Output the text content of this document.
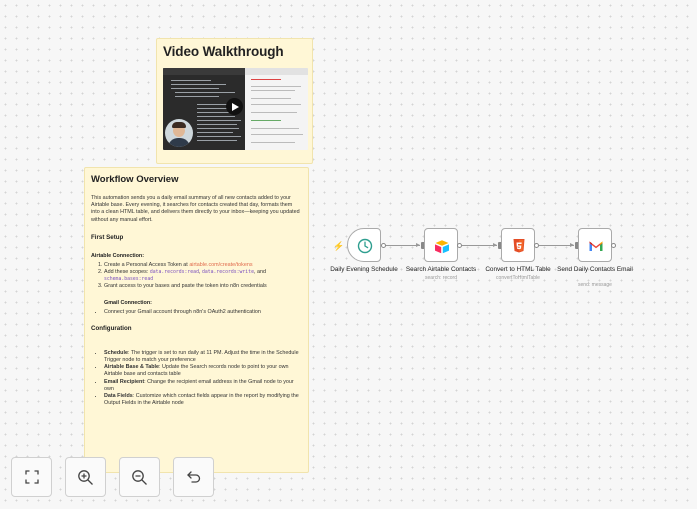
Video Walkthrough
Workflow Overview

This automation sends you a daily email summary of all new contacts added to your Airtable base. Every evening, it searches for contacts created that day, formats them into a clean HTML table, and delivers them directly to your inbox—keeping you updated without any manual effort.

First Setup
Airtable Connection:
1. Create a Personal Access Token at airtable.com/create/tokens
2. Add these scopes: data.records:read, data.records:write, and schema.bases:read
3. Grant access to your bases and paste the token into n8n credentials
Gmail Connection:
• Connect your Gmail account through n8n's OAuth2 authentication
Configuration
• Schedule: The trigger is set to run daily at 11 PM. Adjust the time in the Schedule Trigger node to match your preference
• Airtable Base & Table: Update the Search records node to point to your own Airtable base and contacts table
• Email Recipient: Change the recipient email address in the Gmail node to your own
• Data Fields: Customize which contact fields appear in the report by modifying the Output Fields in the Airtable node
⚡
Daily Evening Schedule	Search Airtable Contacts
search: record
Convert to HTML Table
convertToHtmlTable
Send Daily Contacts Email
send: message
